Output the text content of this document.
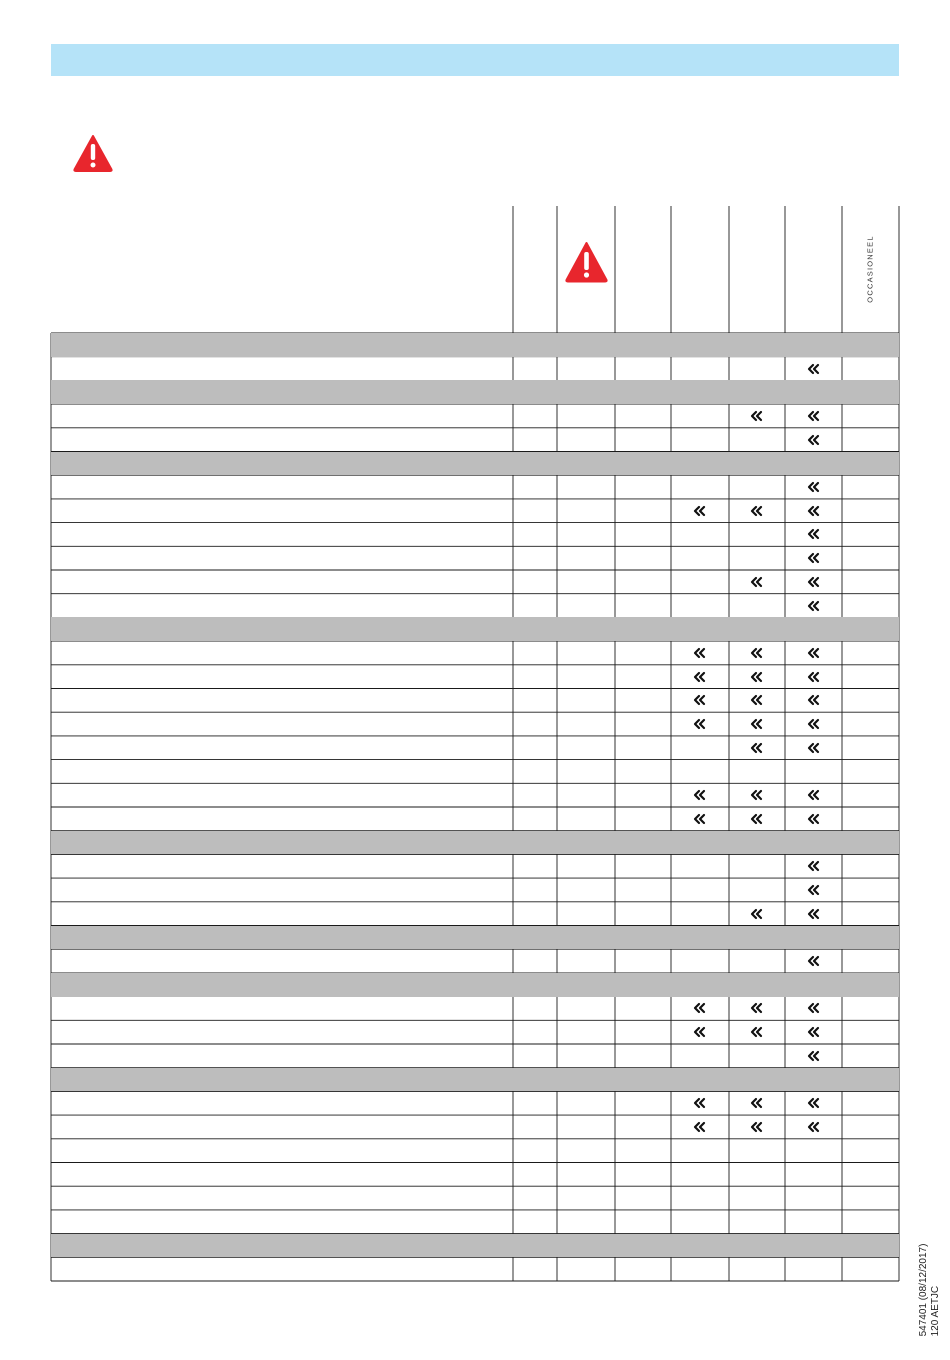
OCCASIONEEL
547401 (08/12/2017) 120 AETJC
